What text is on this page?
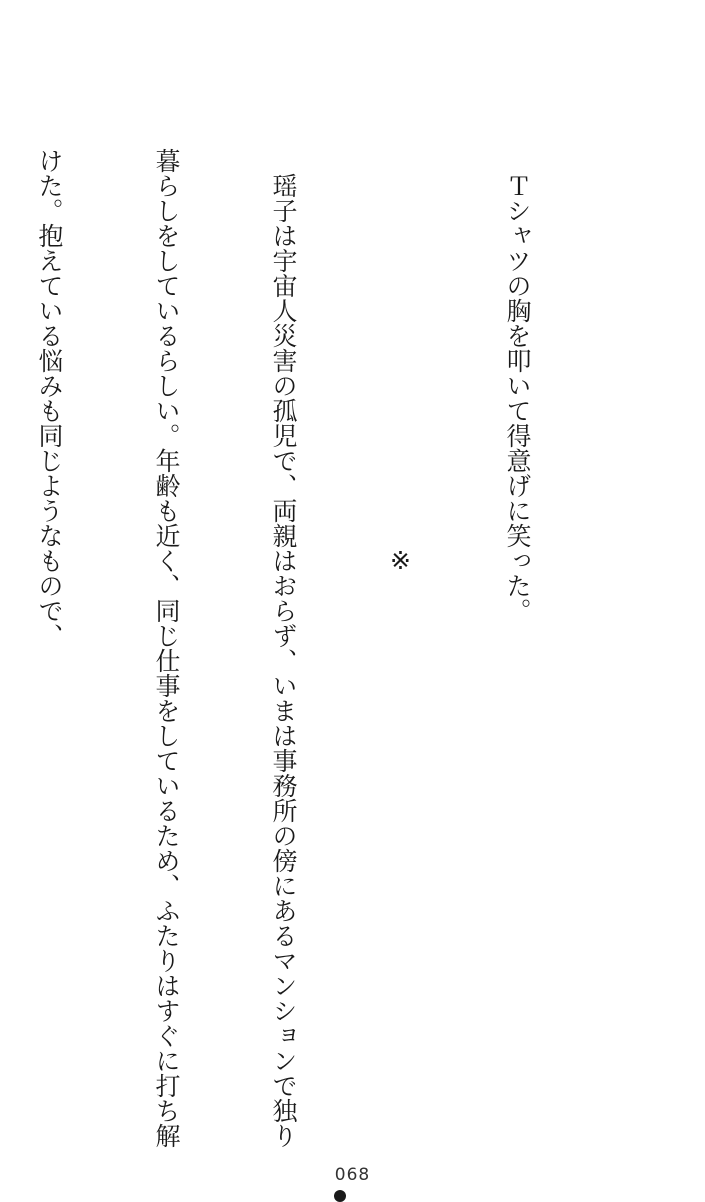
Ｔシャツの胸を叩いて得意げに笑った。

※

瑶子は宇宙人災害の孤児で、両親はおらず、いまは事務所の傍にあるマンションで独り

暮らしをしているらしい。年齢も近く、同じ仕事をしているため、ふたりはすぐに打ち解

けた。抱えている悩みも同じようなもので、

068
